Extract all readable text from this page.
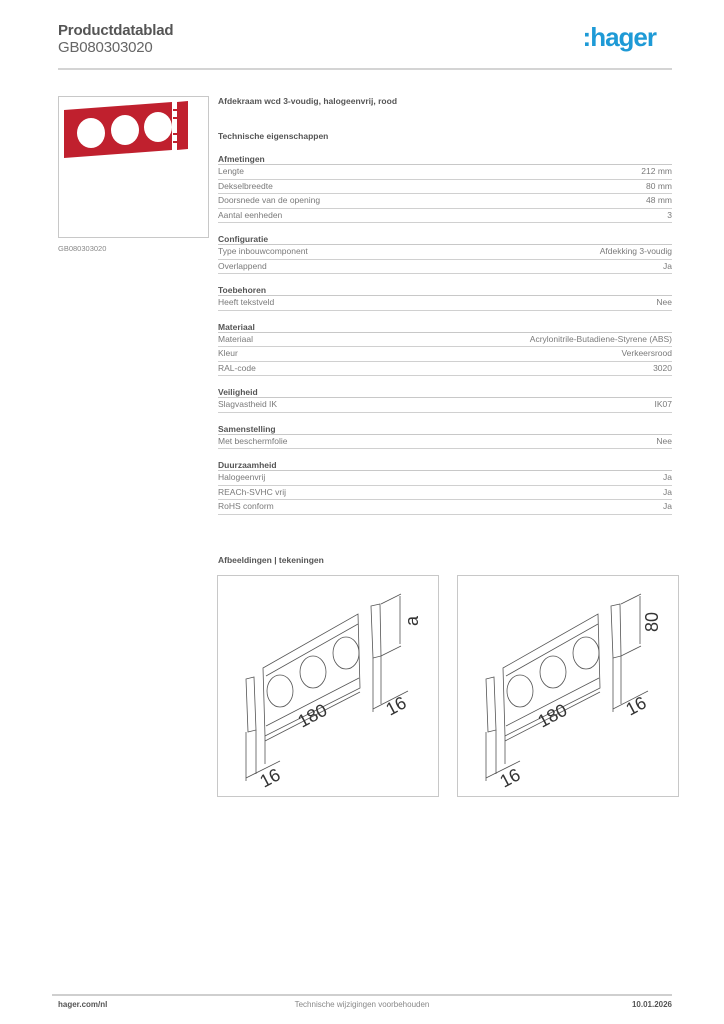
Productdatablad
GB080303020	:hager
GB080303020
Afdekraam wcd 3-voudig, halogeenvrij, rood
Technische eigenschappen
Afmetingen
Lengte	212 mm
Dekselbreedte	80 mm
Doorsnede van de opening	48 mm
Aantal eenheden	3
Configuratie
Type inbouwcomponent	Afdekking 3-voudig
Overlappend	Ja
Toebehoren
Heeft tekstveld	Nee
Materiaal
Materiaal	Acrylonitrile-Butadiene-Styrene (ABS)
Kleur	Verkeersrood
RAL-code	3020
Veiligheid
Slagvastheid IK	IK07
Samenstelling
Met beschermfolie	Nee
Duurzaamheid
Halogeenvrij	Ja
REACh-SVHC vrij	Ja
RoHS conform	Ja
Afbeeldingen | tekeningen
180
16
16
a
180
16
16
80
hager.com/nl	Technische wijzigingen voorbehouden	10.01.2026
